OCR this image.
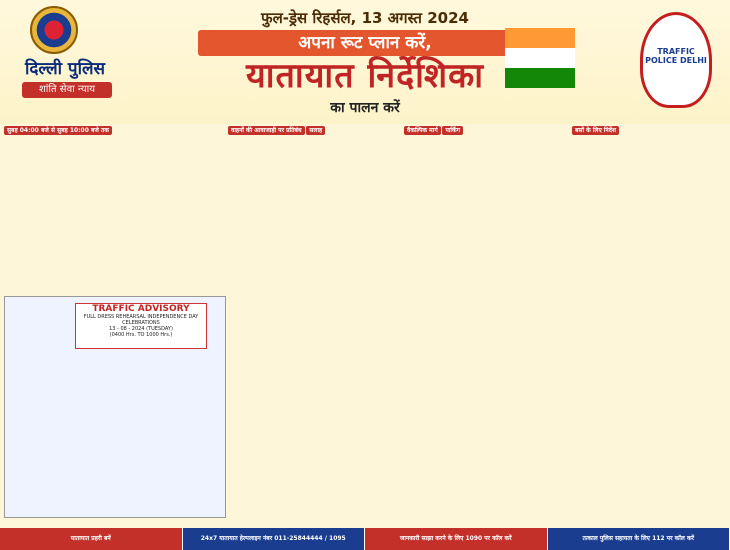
दिल्ली पुलिस
शांति सेवा न्याय
फुल-ड्रेस रिहर्सल, 13 अगस्त 2024
अपना रूट प्लान करें,
यातायात निर्देशिका
का पालन करें
TRAFFIC POLICE DELHI
सुबह 04:00 बजे से सुबह 10:00 बजे तक	वाहनों की आवाजाही पर प्रतिबंध सलाह	वैकल्पिक मार्ग पार्किंग	बसों के लिए निर्देश
TRAFFIC ADVISORY
FULL DRESS REHEARSAL INDEPENDENCE DAY CELEBRATIONS
13 - 08 - 2024 (TUESDAY)
(0400 Hrs. TO 1000 Hrs.)
यातायात प्रहरी बनें	24x7 यातायात हेल्पलाइन नंबर 011-25844444 / 1095	जानकारी साझा करने के लिए 1090 पर कॉल करें	तत्काल पुलिस सहायता के लिए 112 पर कॉल करें
